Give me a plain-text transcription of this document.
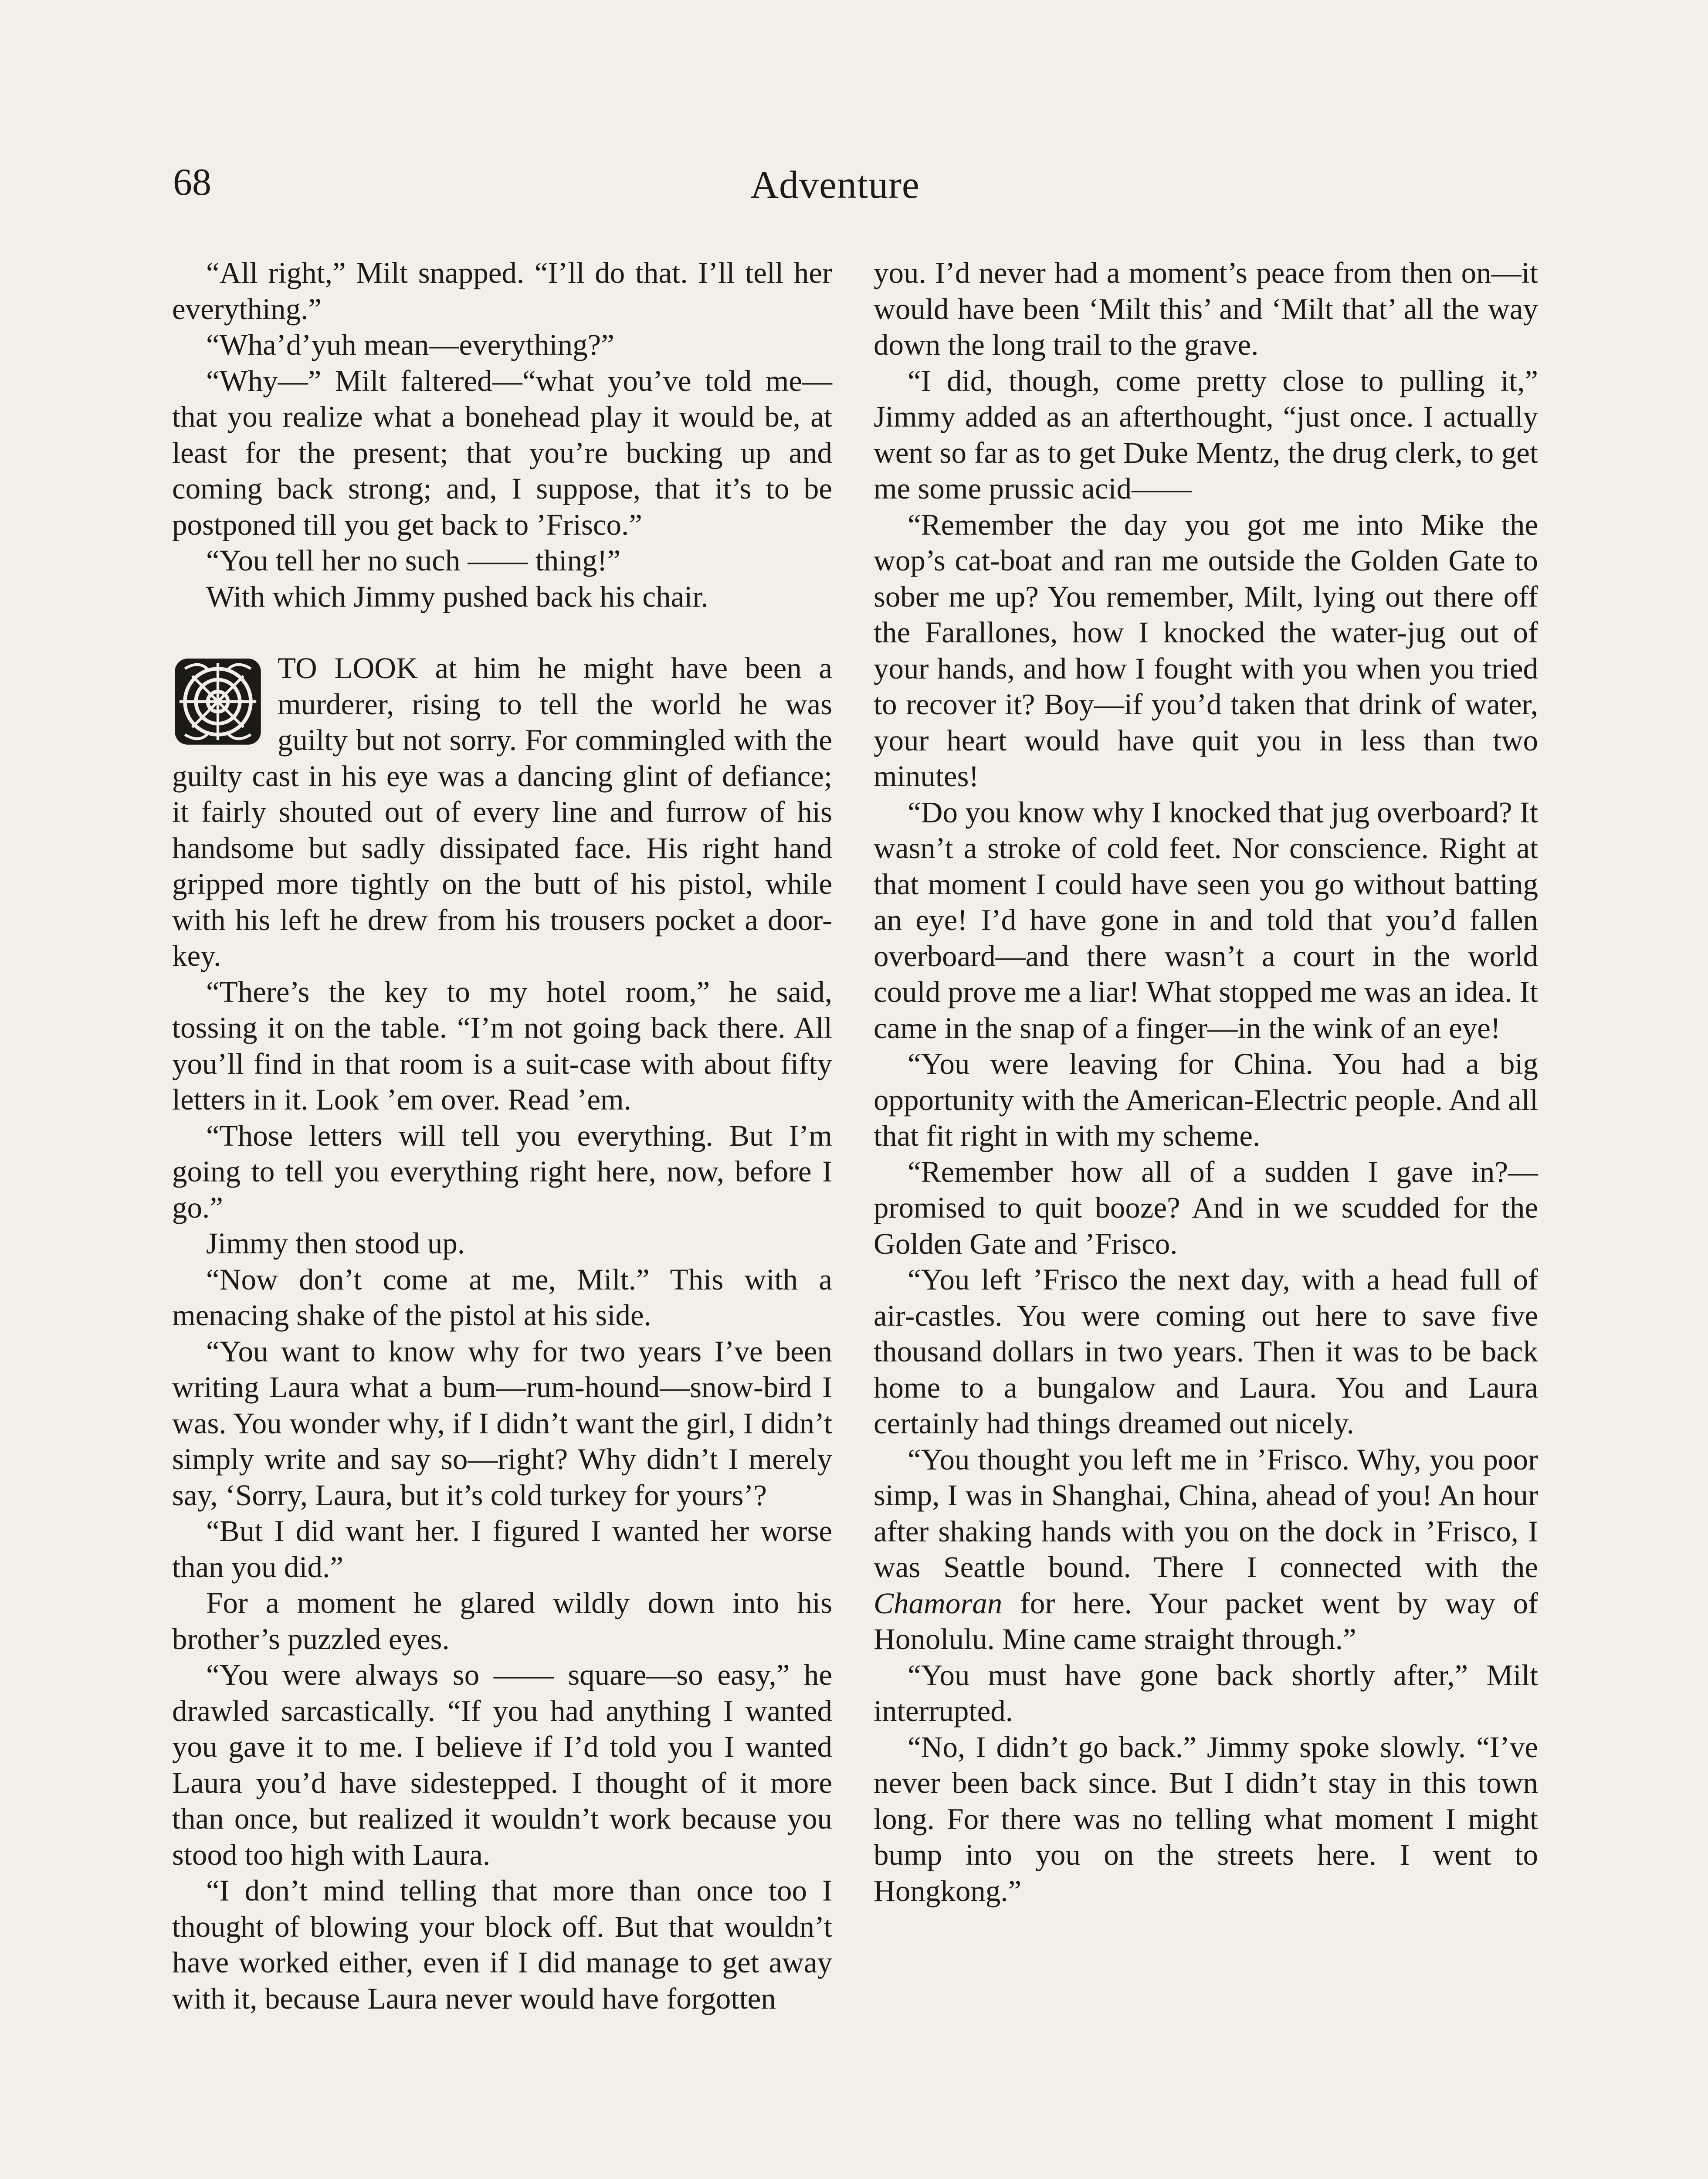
68	Adventure

“All right,” Milt snapped. “I’ll do that. I’ll tell her everything.”

“Wha’d’yuh mean—everything?”

“Why—” Milt faltered—“what you’ve told me—that you realize what a bonehead play it would be, at least for the present; that you’re bucking up and coming back strong; and, I suppose, that it’s to be postponed till you get back to ’Frisco.”

“You tell her no such —— thing!”

With which Jimmy pushed back his chair.

TO LOOK at him he might have been a murderer, rising to tell the world he was guilty but not sorry. For commingled with the guilty cast in his eye was a dancing glint of defiance; it fairly shouted out of every line and furrow of his handsome but sadly dissipated face. His right hand gripped more tightly on the butt of his pistol, while with his left he drew from his trousers pocket a door-key.

“There’s the key to my hotel room,” he said, tossing it on the table. “I’m not going back there. All you’ll find in that room is a suit-case with about fifty letters in it. Look ’em over. Read ’em.

“Those letters will tell you everything. But I’m going to tell you everything right here, now, before I go.”

Jimmy then stood up.

“Now don’t come at me, Milt.” This with a menacing shake of the pistol at his side.

“You want to know why for two years I’ve been writing Laura what a bum—rum-hound—snow-bird I was. You wonder why, if I didn’t want the girl, I didn’t simply write and say so—right? Why didn’t I merely say, ‘Sorry, Laura, but it’s cold turkey for yours’?

“But I did want her. I figured I wanted her worse than you did.”

For a moment he glared wildly down into his brother’s puzzled eyes.

“You were always so —— square—so easy,” he drawled sarcastically. “If you had anything I wanted you gave it to me. I believe if I’d told you I wanted Laura you’d have sidestepped. I thought of it more than once, but realized it wouldn’t work because you stood too high with Laura.

“I don’t mind telling that more than once too I thought of blowing your block off. But that wouldn’t have worked either, even if I did manage to get away with it, because Laura never would have forgotten

you. I’d never had a moment’s peace from then on—it would have been ‘Milt this’ and ‘Milt that’ all the way down the long trail to the grave.

“I did, though, come pretty close to pulling it,” Jimmy added as an afterthought, “just once. I actually went so far as to get Duke Mentz, the drug clerk, to get me some prussic acid——

“Remember the day you got me into Mike the wop’s cat-boat and ran me outside the Golden Gate to sober me up? You remember, Milt, lying out there off the Farallones, how I knocked the water-jug out of your hands, and how I fought with you when you tried to recover it? Boy—if you’d taken that drink of water, your heart would have quit you in less than two minutes!

“Do you know why I knocked that jug overboard? It wasn’t a stroke of cold feet. Nor conscience. Right at that moment I could have seen you go without batting an eye! I’d have gone in and told that you’d fallen overboard—and there wasn’t a court in the world could prove me a liar! What stopped me was an idea. It came in the snap of a finger—in the wink of an eye!

“You were leaving for China. You had a big opportunity with the American-Electric people. And all that fit right in with my scheme.

“Remember how all of a sudden I gave in?—promised to quit booze? And in we scudded for the Golden Gate and ’Frisco.

“You left ’Frisco the next day, with a head full of air-castles. You were coming out here to save five thousand dollars in two years. Then it was to be back home to a bungalow and Laura. You and Laura certainly had things dreamed out nicely.

“You thought you left me in ’Frisco. Why, you poor simp, I was in Shanghai, China, ahead of you! An hour after shaking hands with you on the dock in ’Frisco, I was Seattle bound. There I connected with the Chamoran for here. Your packet went by way of Honolulu. Mine came straight through.”

“You must have gone back shortly after,” Milt interrupted.

“No, I didn’t go back.” Jimmy spoke slowly. “I’ve never been back since. But I didn’t stay in this town long. For there was no telling what moment I might bump into you on the streets here. I went to Hongkong.”
